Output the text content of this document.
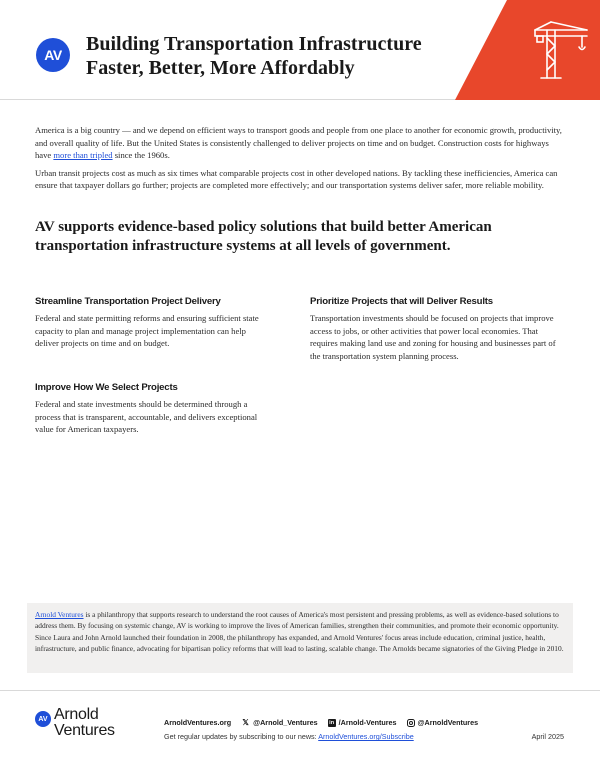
AV	Building Transportation Infrastructure
Faster, Better, More Affordably

America is a big country — and we depend on efficient ways to transport goods and people from one place to another for economic growth, productivity, and overall quality of life. But the United States is consistently challenged to deliver projects on time and on budget. Construction costs for highways have more than tripled since the 1960s.

Urban transit projects cost as much as six times what comparable projects cost in other developed nations. By tackling these inefficiencies, America can ensure that taxpayer dollars go further; projects are completed more effectively; and our transportation systems deliver safer, more reliable mobility.

AV supports evidence-based policy solutions that build better American transportation infrastructure systems at all levels of government.
Streamline Transportation Project Delivery

Federal and state permitting reforms and ensuring sufficient state capacity to plan and manage project implementation can help deliver projects on time and on budget.

Prioritize Projects that will Deliver Results

Transportation investments should be focused on projects that improve access to jobs, or other activities that power local economies. That requires making land use and zoning for housing and businesses part of the transportation system planning process.

Improve How We Select Projects

Federal and state investments should be determined through a process that is transparent, accountable, and delivers exceptional value for American taxpayers.

Arnold Ventures is a philanthropy that supports research to understand the root causes of America's most persistent and pressing problems, as well as evidence-based solutions to address them. By focusing on systemic change, AV is working to improve the lives of American families, strengthen their communities, and promote their economic opportunity. Since Laura and John Arnold launched their foundation in 2008, the philanthropy has expanded, and Arnold Ventures' focus areas include education, criminal justice, health, infrastructure, and public finance, advocating for bipartisan policy reforms that will lead to lasting, scalable change. The Arnolds became signatories of the Giving Pledge in 2010.
AV Arnold
Ventures	ArnoldVentures.org 𝕏 @Arnold_Ventures in /Arnold-Ventures	@ArnoldVentures
Get regular updates by subscribing to our news: ArnoldVentures.org/Subscribe	April 2025
